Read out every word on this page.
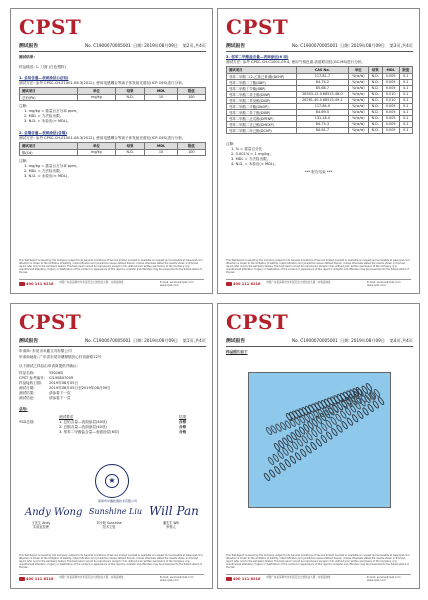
CPST
测试报告	No. C1900070005001 日期: 2019年08月09日 第2页,共4页
测试结果:
样品描述: 1. 刀面 (白色塑料)
1. 总铅含量—表面涂层()总铅)
测试方法: 参考 CPSC-CH-E1001-08.3(2012), 使用电感耦合等离子体发射光谱仪(ICP-OES)进行分析。
测试项目	单位	结果	MDL	限值
总铅(Pb)	mg/kg	N.D.	10	100
注释:
1. mg/kg = 重量百万分率 ppm。
2. MDL = 方法检出限。
3. N.D. = 未检出(< MDL)。
2. 总镉含量—表面涂层(总镉)
测试方法: 参考 CPSC-CH-E1001-08.3(2012), 使用电感耦合等离子体发射光谱仪(ICP-OES)进行分析。
测试项目	单位	结果	MDL	限值
镉(Cd)	mg/kg	N.D.	10	100
注释:
1. mg/kg = 重量百万分率 ppm。
2. MDL = 方法检出限。
3. N.D. = 未检出(< MDL)。
This Test Report is issued by the Company subject to its General Conditions of Service printed overleaf or available on request and accessible at www.cpst.com. Attention is drawn to the limitation of liability, indemnification and jurisdiction issues defined therein. Unless otherwise stated the results shown in this test report refer only to the sample(s) tested. This test report cannot be reproduced, except in full, without prior written permission of the Company. Any unauthorized alteration, forgery or falsification of the content or appearance of this report is unlawful and offenders may be prosecuted to the fullest extent of the law.
400 111 6216 中国广东省深圳市龙华区民治大道创业大厦 · 实验室地址	E-mail: service@cpst.com www.cpst.com
CPST
测试报告	No. C1900070005001 日期: 2019年08月09日 第3页,共4页
3. 邻苯二甲酸盐含量—表面涂层(6 项)
测试方法: 参考 CPSC-CH-C1001-09.4, 使用气相色谱-质谱联用仪(GC-MS)进行分析。
测试项目	CAS No.	单位	结果	MDL	限值
邻苯二甲酸二(2-乙基己基)酯(DEHP)	117-81-7	%(w/w)	N.D.	0.005	0.1
邻苯二甲酸二丁酯(DBP)	84-74-2	%(w/w)	N.D.	0.005	0.1
邻苯二甲酸丁苄酯(BBP)	85-68-7	%(w/w)	N.D.	0.005	0.1
邻苯二甲酸二异壬酯(DINP)	28553-12-0 68515-48-0	%(w/w)	N.D.	0.010	0.1
邻苯二甲酸二异癸酯(DIDP)	26761-40-0 68515-49-1	%(w/w)	N.D.	0.010	0.1
邻苯二甲酸二辛酯(DNOP)	117-84-0	%(w/w)	N.D.	0.005	0.1
邻苯二甲酸二异丁酯(DIBP)	84-69-5	%(w/w)	N.D.	0.005	0.1
邻苯二甲酸二正戊酯(DPENP)	131-18-0	%(w/w)	N.D.	0.005	0.1
邻苯二甲酸二正己酯(DHEXP)	84-75-3	%(w/w)	N.D.	0.005	0.1
邻苯二甲酸二环己酯(DCHP)	84-61-7	%(w/w)	N.D.	0.005	0.1
注释:
1. % = 重量百分比
2. 0.001% = 1 mg/kg。
3. MDL = 方法检出限。
4. N.D. = 未检出(< MDL)。
*** 报告结束 ***
This Test Report is issued by the Company subject to its General Conditions of Service printed overleaf or available on request and accessible at www.cpst.com. Attention is drawn to the limitation of liability, indemnification and jurisdiction issues defined therein. Unless otherwise stated the results shown in this test report refer only to the sample(s) tested. This test report cannot be reproduced, except in full, without prior written permission of the Company. Any unauthorized alteration, forgery or falsification of the content or appearance of this report is unlawful and offenders may be prosecuted to the fullest extent of the law.
400 111 6216 中国广东省深圳市龙华区民治大道创业大厦 · 实验室地址	E-mail: service@cpst.com www.cpst.com
CPST
测试报告	No. C1900070005001 日期: 2019年08月09日 第1页,共4页
申请商: 东莞市禾鑫文具有限公司
申请商地址: 广东省东莞市塘厦镇田心村田新路12号
以下测试之样品由申请商提供并确认:
样品名称:	Y5018D
CPST 参考编号: CI190807009
样品接收日期: 2019年08月05日
测试日期:	2019年08月05日至2019年08月09日
测试结果:	请参看下一页
测试结论:	请参看下一页
总结:
测试要求	结果
YSD总数:	1. 总铅含量—表面涂层(40项)	合格
2. 总镉含量—表面涂层(40项)	合格
3. 邻苯二甲酸盐含量—表面涂层(6项)	合格
★
深圳市中鑫检测技术有限公司
Andy Wong Sunshine Liu Will Pan
王先生 Andy
实验室经理
刘小姐 Sunshine
技术主管
潘先生 Will
审核人
This Test Report is issued by the Company subject to its General Conditions of Service printed overleaf or available on request and accessible at www.cpst.com. Attention is drawn to the limitation of liability, indemnification and jurisdiction issues defined therein. Unless otherwise stated the results shown in this test report refer only to the sample(s) tested. This test report cannot be reproduced, except in full, without prior written permission of the Company. Any unauthorized alteration, forgery or falsification of the content or appearance of this report is unlawful and offenders may be prosecuted to the fullest extent of the law.
400 111 6216 中国广东省深圳市龙华区民治大道创业大厦 · 实验室地址	E-mail: service@cpst.com www.cpst.com
CPST
测试报告	No. C1900070005001 日期: 2019年08月09日 第4页,共4页
样品照片如下
This Test Report is issued by the Company subject to its General Conditions of Service printed overleaf or available on request and accessible at www.cpst.com. Attention is drawn to the limitation of liability, indemnification and jurisdiction issues defined therein. Unless otherwise stated the results shown in this test report refer only to the sample(s) tested. This test report cannot be reproduced, except in full, without prior written permission of the Company. Any unauthorized alteration, forgery or falsification of the content or appearance of this report is unlawful and offenders may be prosecuted to the fullest extent of the law.
400 111 6216 中国广东省深圳市龙华区民治大道创业大厦 · 实验室地址	E-mail: service@cpst.com www.cpst.com
